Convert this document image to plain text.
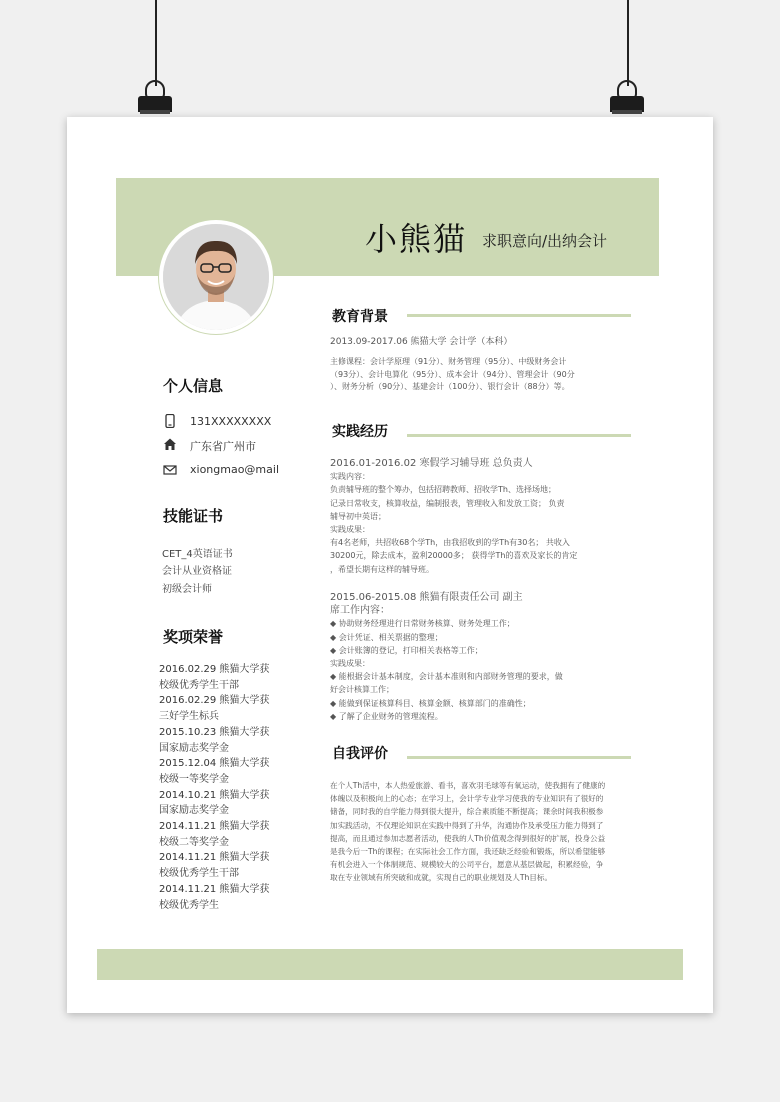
小熊猫 求职意向/出纳会计
个人信息
131XXXXXXXX
广东省广州市
xiongmao@mail
技能证书
CET_4英语证书
会计从业资格证
初级会计师
奖项荣誉
2016.02.29 熊猫大学获
校级优秀学生干部
2016.02.29 熊猫大学获
三好学生标兵
2015.10.23 熊猫大学获
国家励志奖学金
2015.12.04 熊猫大学获
校级一等奖学金
2014.10.21 熊猫大学获
国家励志奖学金
2014.11.21 熊猫大学获
校级二等奖学金
2014.11.21 熊猫大学获
校级优秀学生干部
2014.11.21 熊猫大学获
校级优秀学生
教育背景
2013.09-2017.06 熊猫大学 会计学（本科）
主修课程：会计学原理（91分）、财务管理（95分）、中级财务会计
（93分）、会计电算化（95分）、成本会计（94分）、管理会计（90分
）、财务分析（90分）、基建会计（100分）、银行会计（88分）等。
实践经历
2016.01-2016.02 寒假学习辅导班 总负责人
实践内容：
负责辅导班的整个筹办，包括招聘教师、招收学Th、选择场地；
记录日常收支，核算收益，编制报表，管理收入和发放工资； 负责
辅导初中英语；
实践成果：
有4名老师，共招收68个学Th，由我招收到的学Th有30名； 共收入
30200元，除去成本，盈利20000多； 获得学Th的喜欢及家长的肯定
，希望长期有这样的辅导班。
2015.06-2015.08 熊猫有限责任公司 副主
席工作内容：
◆ 协助财务经理进行日常财务核算、财务处理工作；
◆ 会计凭证、相关票据的整理；
◆ 会计账簿的登记，打印相关表格等工作；
实践成果：
◆ 能根据会计基本制度，会计基本准则和内部财务管理的要求，做
好会计核算工作；
◆ 能做到保证核算科目、核算金额、核算部门的准确性；
◆ 了解了企业财务的管理流程。
自我评价
在个人Th活中，本人热爱旅游、看书，喜欢羽毛球等有氧运动，使我拥有了健康的体魄以及积极向上的心态；在学习上，会计学专业学习使我的专业知识有了很好的储备，同时我的自学能力得到很大提升，综合素质能不断提高；课余时间我积极参加实践活动，不仅理论知识在实践中得到了升华，沟通协作及承受压力能力得到了提高，而且通过参加志愿者活动，使我的人Th价值观念得到很好的扩展，投身公益是我今后一Th的课程；在实际社会工作方面，我还缺乏经验和锻炼，所以希望能够有机会进入一个体制规范、规模较大的公司平台，愿意从基层做起，积累经验，争取在专业领域有所突破和成就，实现自己的职业规划及人Th目标。
